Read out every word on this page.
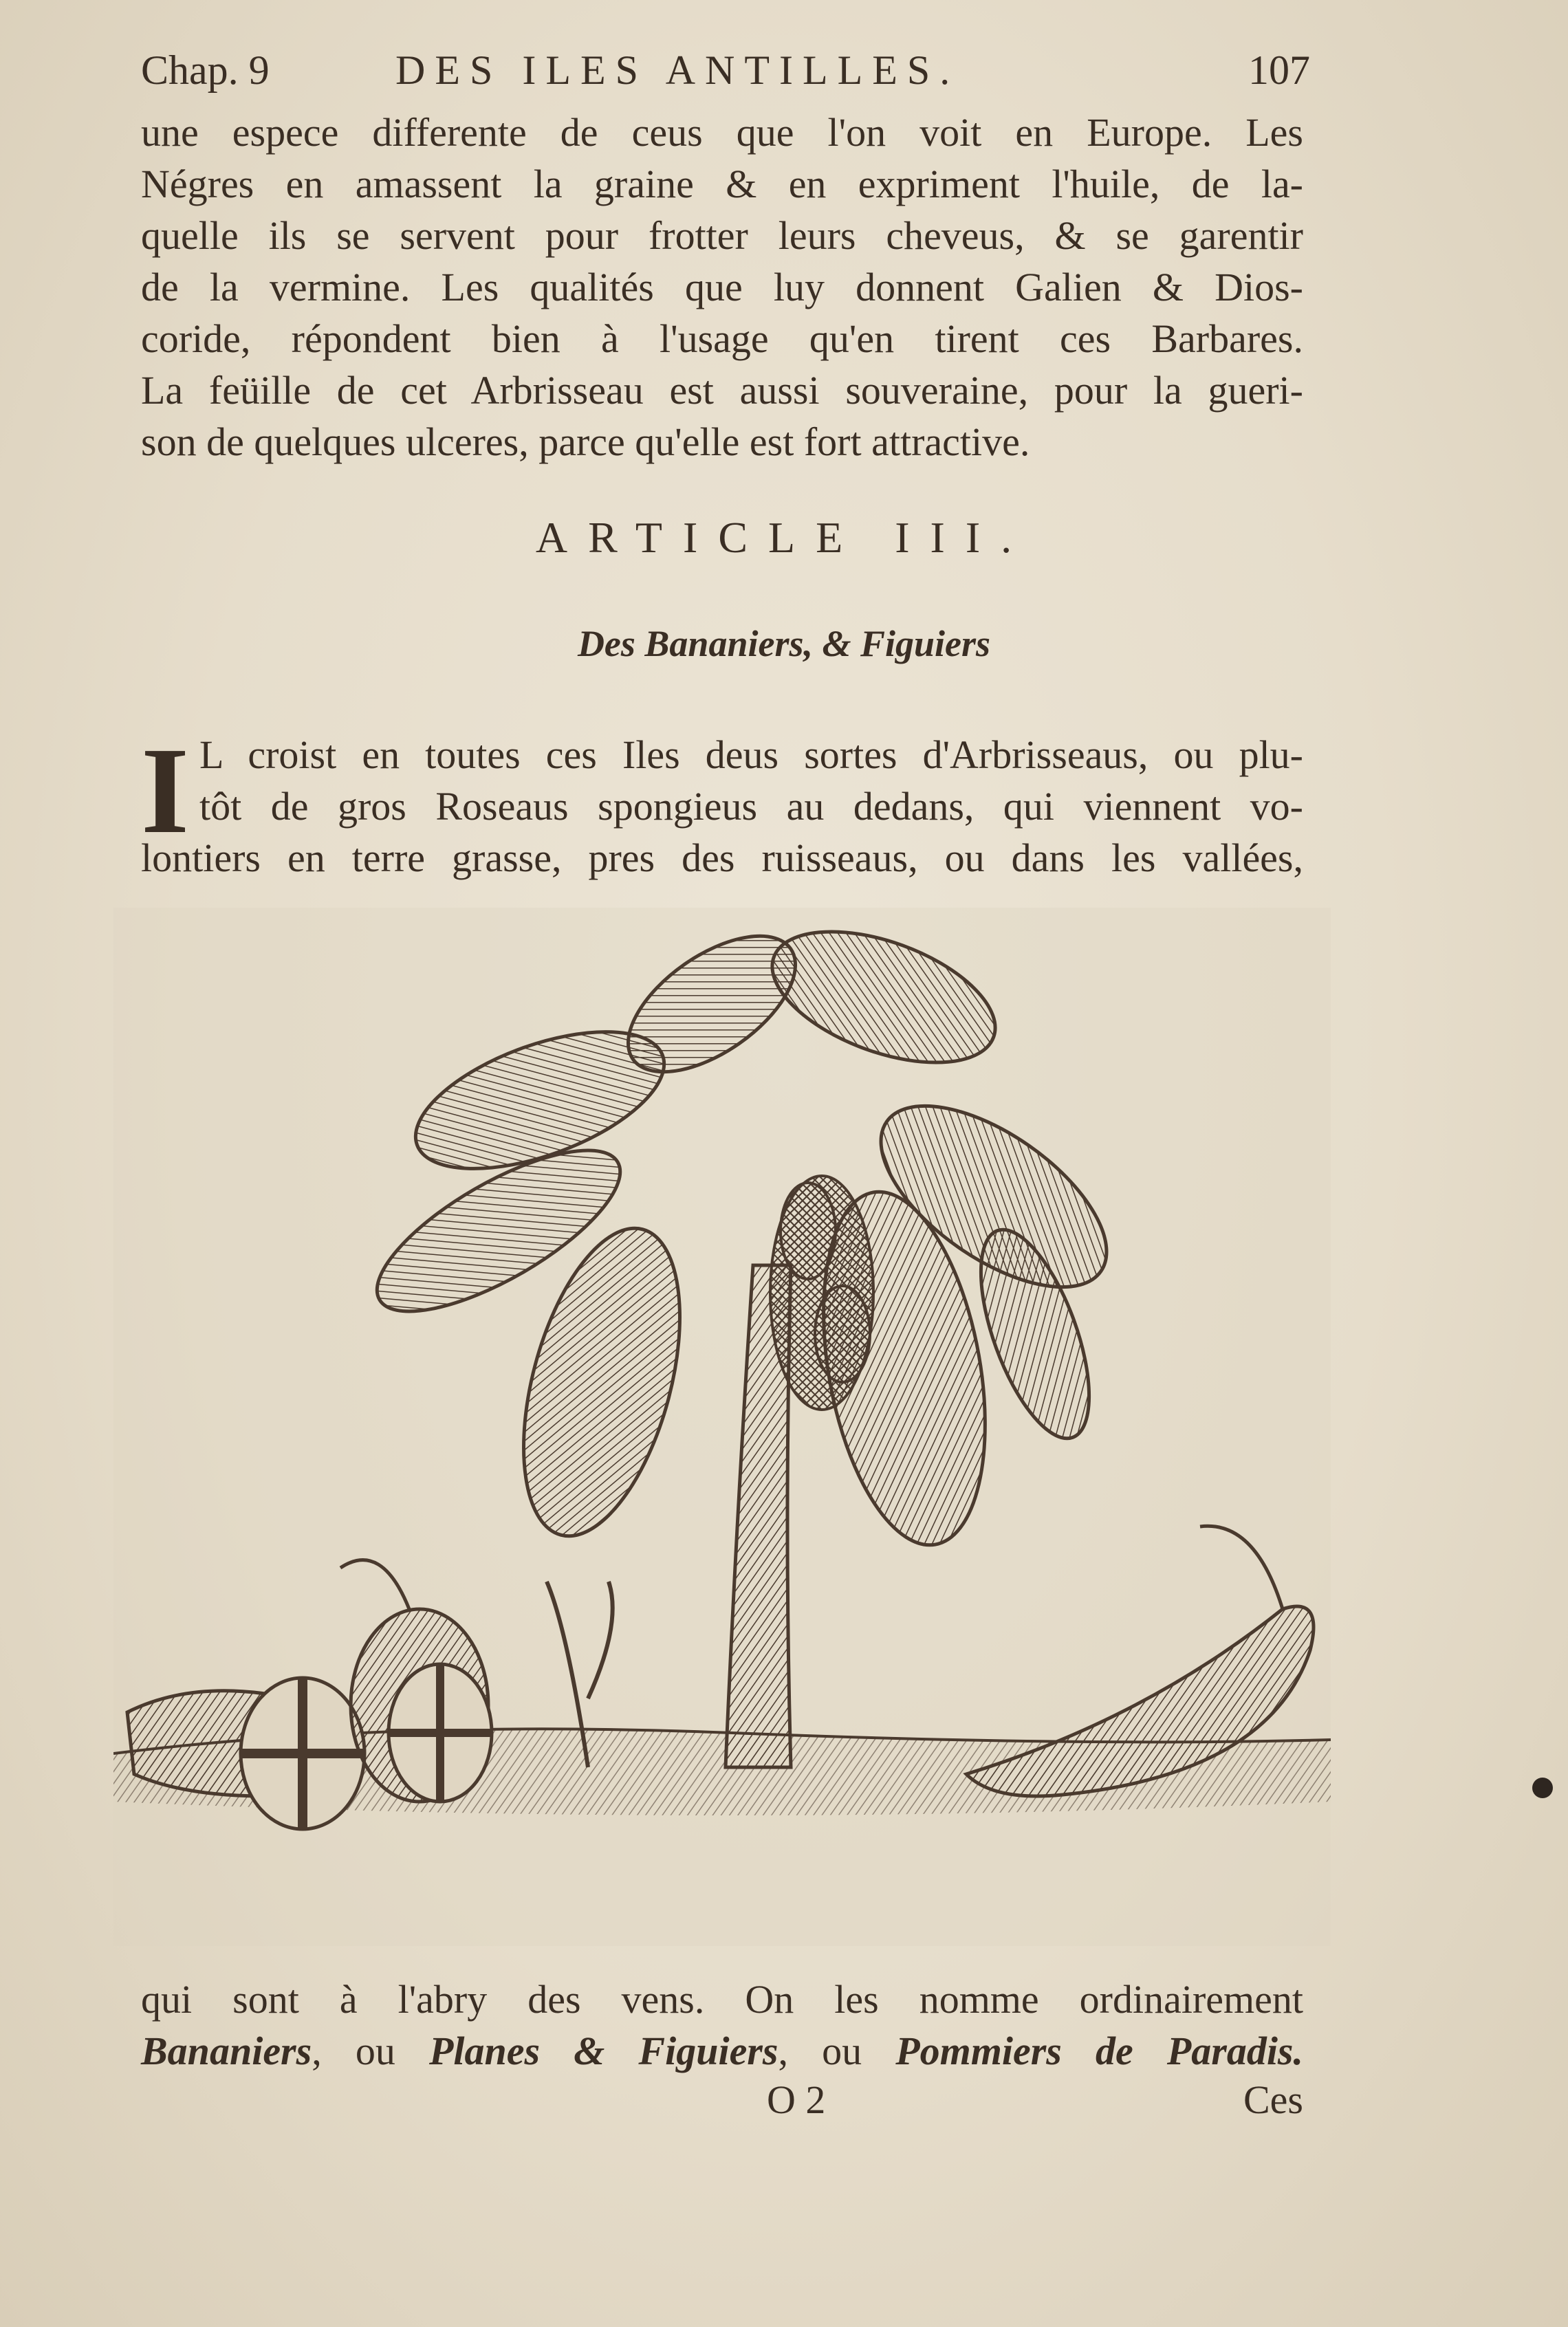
Chap. 9	DES ILES ANTILLES.	107
une espece differente de ceus que l'on voit en Europe. Les
Négres en amassent la graine & en expriment l'huile, de la-
quelle ils se servent pour frotter leurs cheveus, & se garentir
de la vermine. Les qualités que luy donnent Galien & Dios-
coride, répondent bien à l'usage qu'en tirent ces Barbares.
La feüille de cet Arbrisseau est aussi souveraine, pour la gueri-
son de quelques ulceres, parce qu'elle est fort attractive.
ARTICLE III.
Des Bananiers, & Figuiers
I L croist en toutes ces Iles deus sortes d'Arbrisseaus, ou plu-
tôt de gros Roseaus spongieus au dedans, qui viennent vo-
lontiers en terre grasse, pres des ruisseaus, ou dans les vallées,
qui sont à l'abry des vens. On les nomme ordinairement
Bananiers, ou Planes & Figuiers, ou Pommiers de Paradis.
O 2	Ces
